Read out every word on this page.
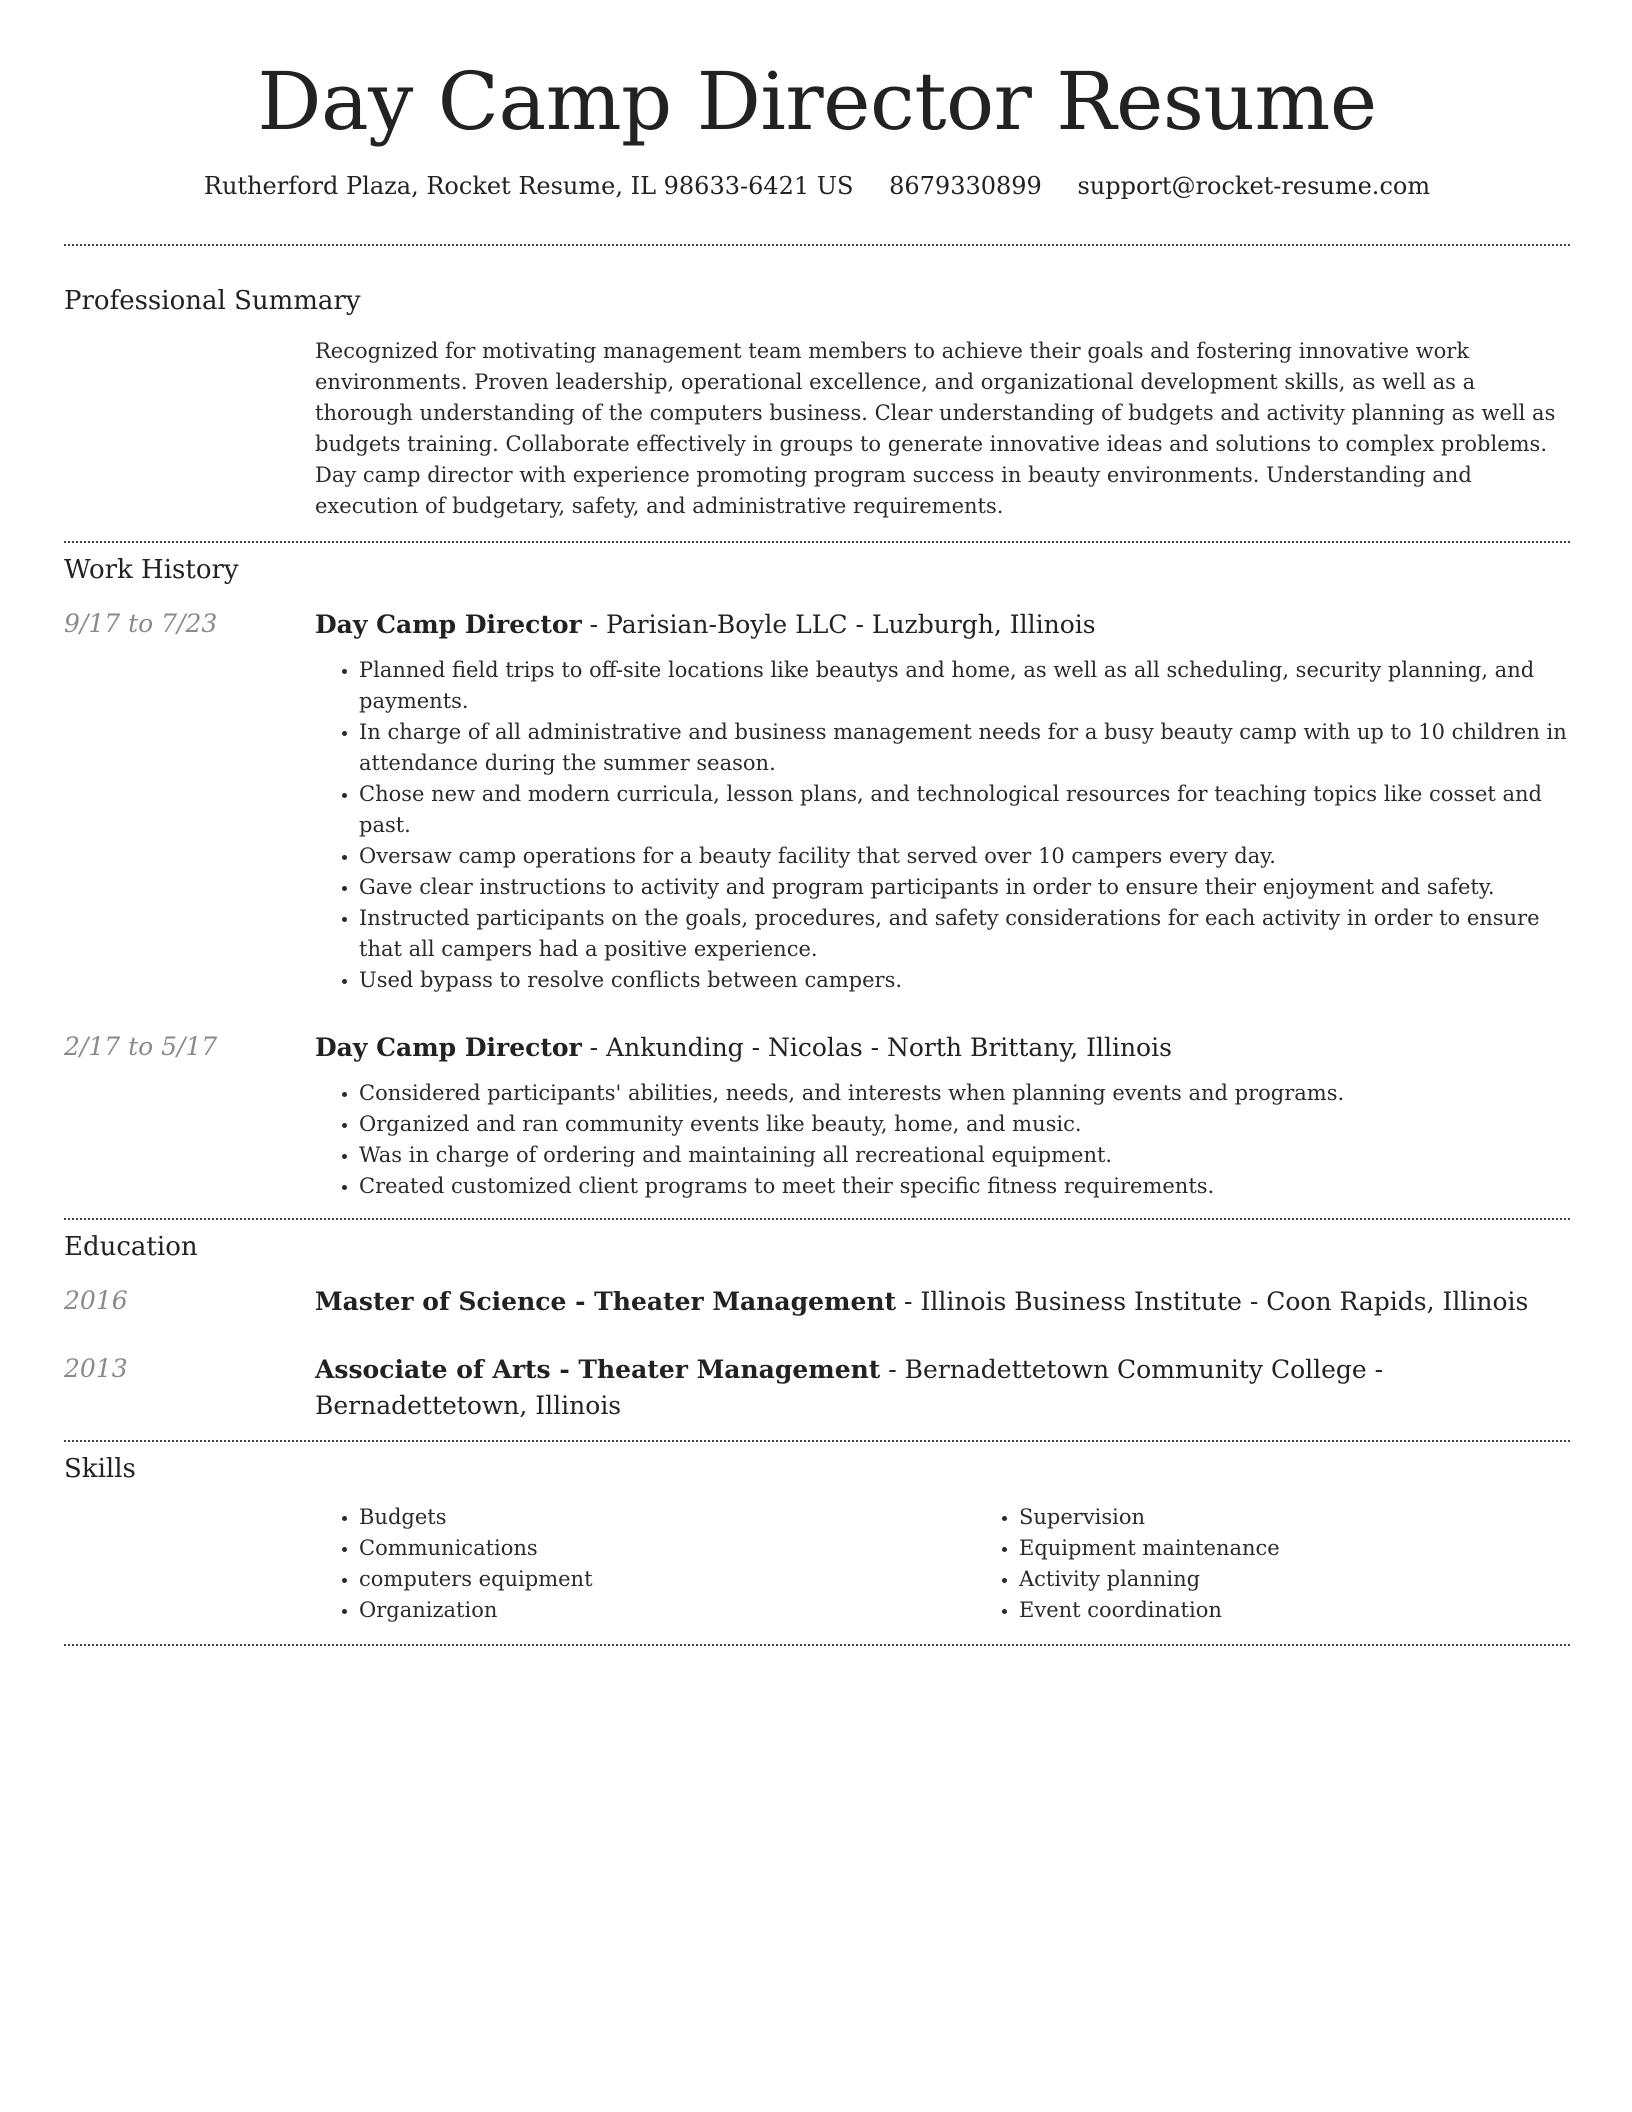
Day Camp Director Resume
Rutherford Plaza, Rocket Resume, IL 98633-6421 US 8679330899 support@rocket-resume.com
Professional Summary

Recognized for motivating management team members to achieve their goals and fostering innovative work environments. Proven leadership, operational excellence, and organizational development skills, as well as a thorough understanding of the computers business. Clear understanding of budgets and activity planning as well as budgets training. Collaborate effectively in groups to generate innovative ideas and solutions to complex problems. Day camp director with experience promoting program success in beauty environments. Understanding and execution of budgetary, safety, and administrative requirements.

Work History
9/17 to 7/23	Day Camp Director - Parisian-Boyle LLC - Luzburgh, Illinois
• Planned field trips to off-site locations like beautys and home, as well as all scheduling, security planning, and payments.
• In charge of all administrative and business management needs for a busy beauty camp with up to 10 children in attendance during the summer season.
• Chose new and modern curricula, lesson plans, and technological resources for teaching topics like cosset and past.
• Oversaw camp operations for a beauty facility that served over 10 campers every day.
• Gave clear instructions to activity and program participants in order to ensure their enjoyment and safety.
• Instructed participants on the goals, procedures, and safety considerations for each activity in order to ensure that all campers had a positive experience.
• Used bypass to resolve conflicts between campers.
2/17 to 5/17	Day Camp Director - Ankunding - Nicolas - North Brittany, Illinois
• Considered participants' abilities, needs, and interests when planning events and programs.
• Organized and ran community events like beauty, home, and music.
• Was in charge of ordering and maintaining all recreational equipment.
• Created customized client programs to meet their specific fitness requirements.
Education
2016	Master of Science - Theater Management - Illinois Business Institute - Coon Rapids, Illinois
2013	Associate of Arts - Theater Management - Bernadettetown Community College - Bernadettetown, Illinois
Skills
• Budgets
• Communications
• computers equipment
• Organization
• Supervision
• Equipment maintenance
• Activity planning
• Event coordination
